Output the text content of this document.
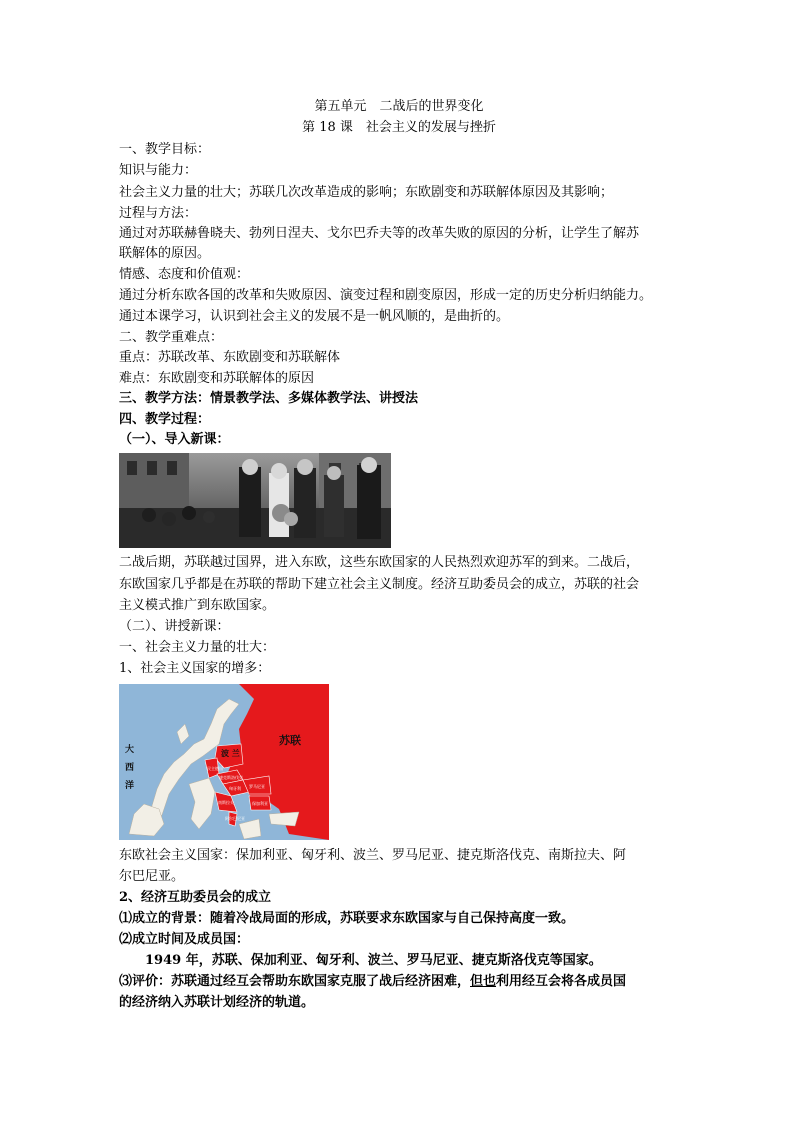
第五单元　二战后的世界变化
第 18 课　社会主义的发展与挫折
一、教学目标：
知识与能力：
社会主义力量的壮大；苏联几次改革造成的影响；东欧剧变和苏联解体原因及其影响；
过程与方法：
通过对苏联赫鲁晓夫、勃列日涅夫、戈尔巴乔夫等的改革失败的原因的分析，让学生了解苏
联解体的原因。
情感、态度和价值观：
通过分析东欧各国的改革和失败原因、演变过程和剧变原因，形成一定的历史分析归纳能力。
通过本课学习，认识到社会主义的发展不是一帆风顺的，是曲折的。
二、教学重难点：
重点：苏联改革、东欧剧变和苏联解体
难点：东欧剧变和苏联解体的原因
三、教学方法：情景教学法、多媒体教学法、讲授法
四、教学过程：
（一）、导入新课：
二战后期，苏联越过国界，进入东欧，这些东欧国家的人民热烈欢迎苏军的到来。二战后，
东欧国家几乎都是在苏联的帮助下建立社会主义制度。经济互助委员会的成立，苏联的社会
主义模式推广到东欧国家。
（二）、讲授新课：
一、社会主义力量的壮大：
1、社会主义国家的增多：
大
西
洋
苏联
波 兰
民主德国
捷克斯洛伐克
匈牙利 罗马尼亚
南斯拉夫	保加利亚
阿尔巴尼亚
东欧社会主义国家：保加利亚、匈牙利、波兰、罗马尼亚、捷克斯洛伐克、南斯拉夫、阿
尔巴尼亚。
2、经济互助委员会的成立
⑴成立的背景：随着冷战局面的形成，苏联要求东欧国家与自己保持高度一致。
⑵成立时间及成员国：
1949 年，苏联、保加利亚、匈牙利、波兰、罗马尼亚、捷克斯洛伐克等国家。
⑶评价：苏联通过经互会帮助东欧国家克服了战后经济困难，但也利用经互会将各成员国
的经济纳入苏联计划经济的轨道。
